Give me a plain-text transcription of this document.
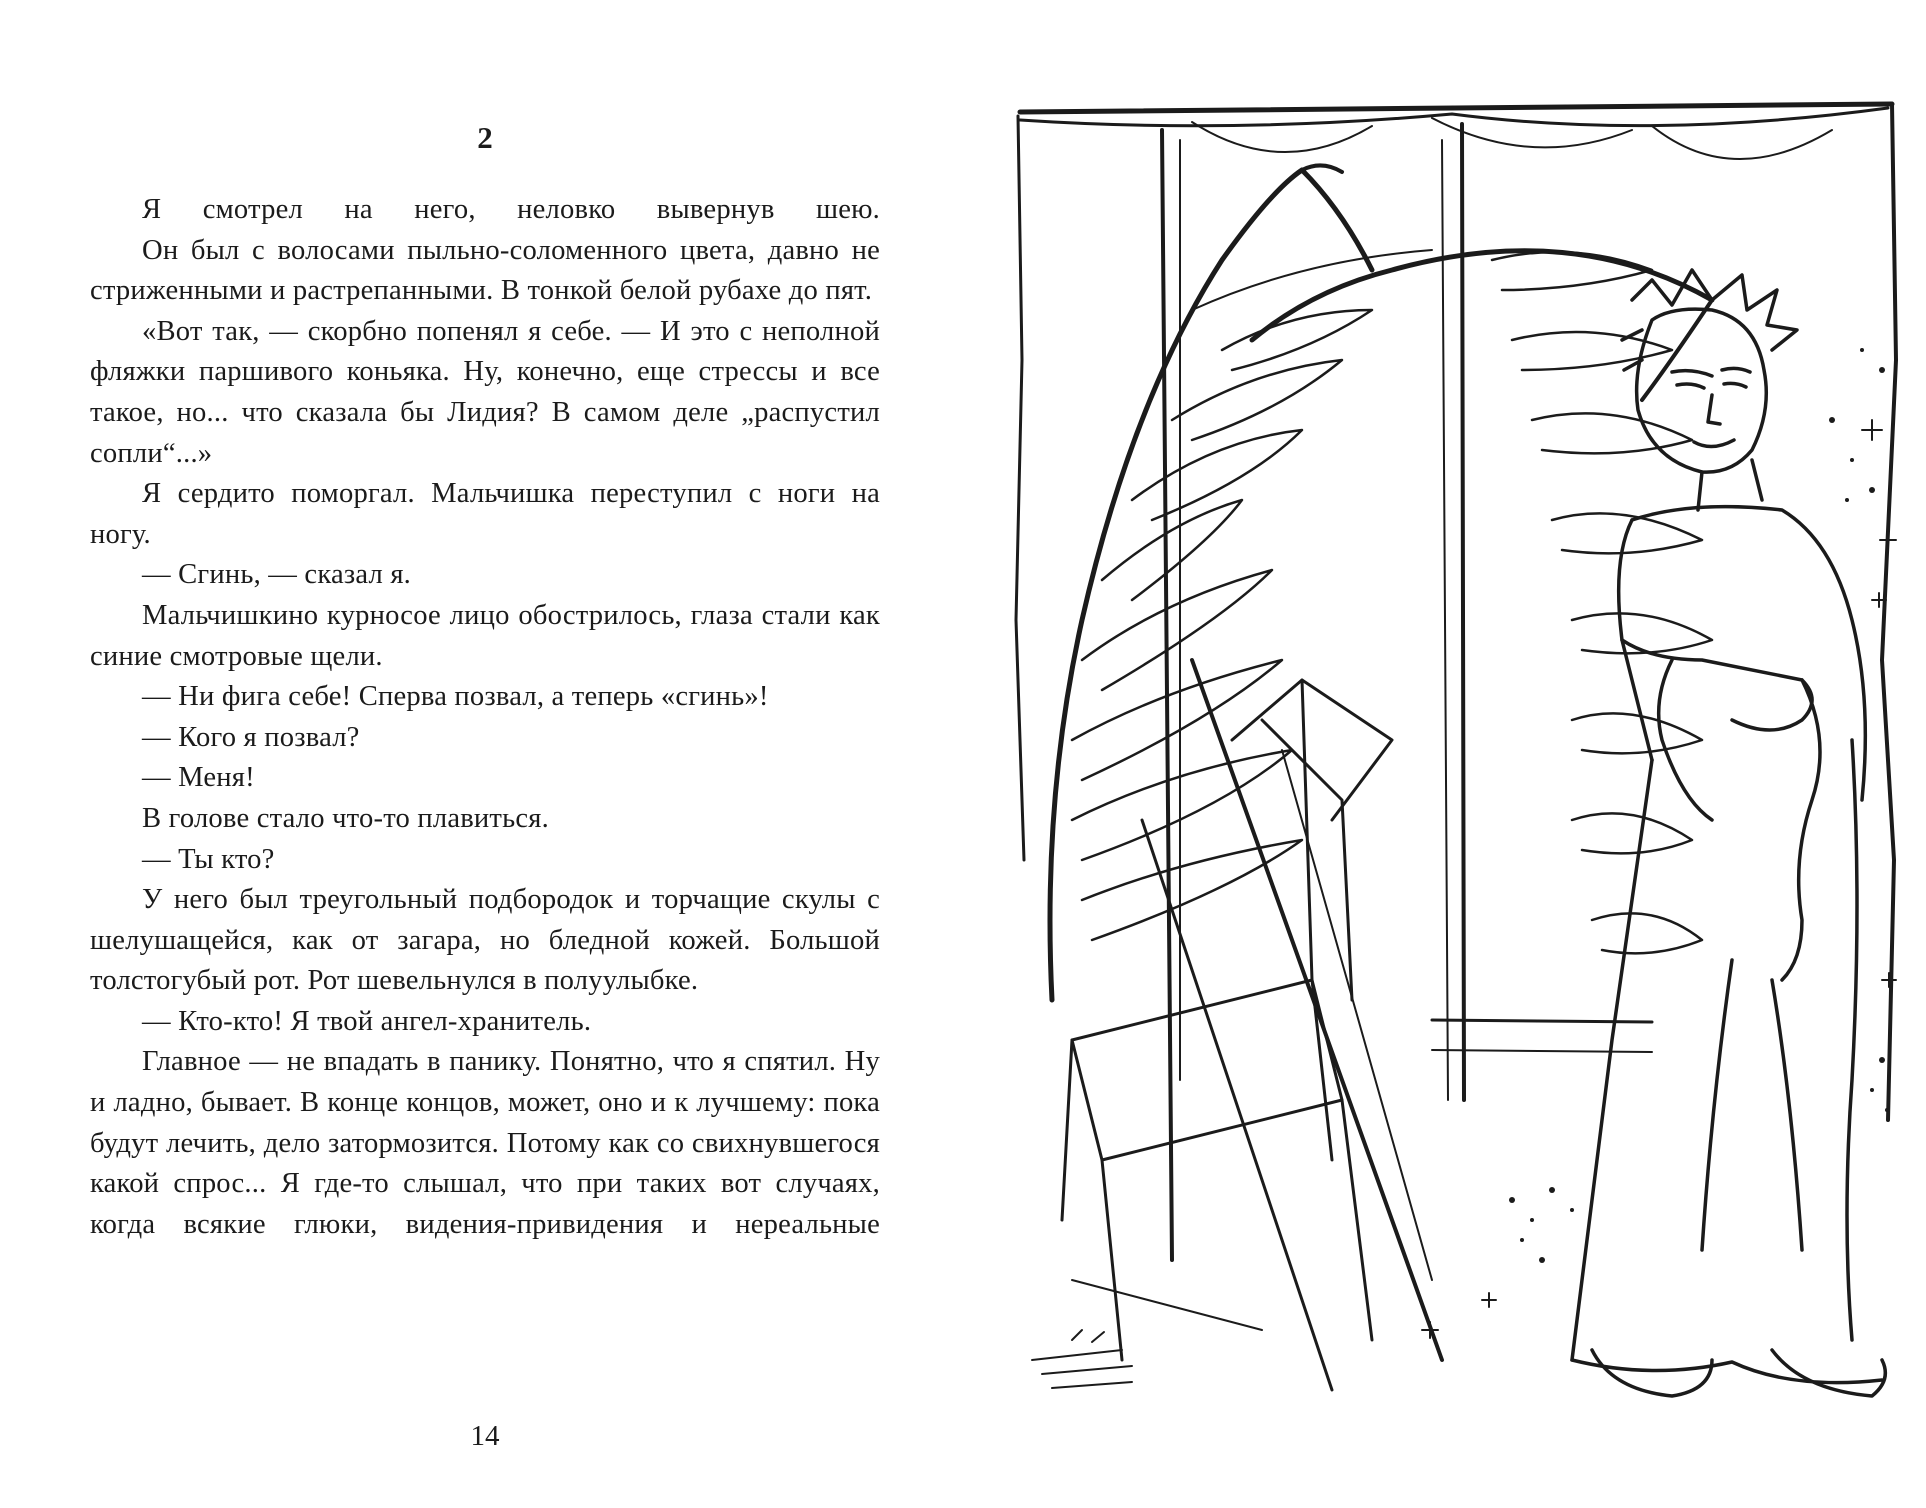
2

Я смотрел на него, неловко вывернув шею.

Он был с волосами пыльно-соломенного цвета, давно не стриженными и растрепанными. В тонкой белой рубахе до пят.

«Вот так, — скорбно попенял я себе. — И это с неполной фляжки паршивого коньяка. Ну, конечно, еще стрессы и все такое, но... что сказала бы Лидия? В самом деле „распустил сопли“...»

Я сердито поморгал. Мальчишка переступил с ноги на ногу.

— Сгинь, — сказал я.

Мальчишкино курносое лицо обострилось, глаза стали как синие смотровые щели.

— Ни фига себе! Сперва позвал, а теперь «сгинь»!

— Кого я позвал?

— Меня!

В голове стало что-то плавиться.

— Ты кто?

У него был треугольный подбородок и торчащие скулы с шелушащейся, как от загара, но бледной кожей. Большой толстогубый рот. Рот шевельнулся в полуулыбке.

— Кто-кто! Я твой ангел-хранитель.

Главное — не впадать в панику. Понятно, что я спятил. Ну и ладно, бывает. В конце концов, может, оно и к лучшему: пока будут лечить, дело затормозится. Потому как со свихнувшегося какой спрос... Я где-то слышал, что при таких вот случаях, когда всякие глюки, видения-привидения и нереальные

14
